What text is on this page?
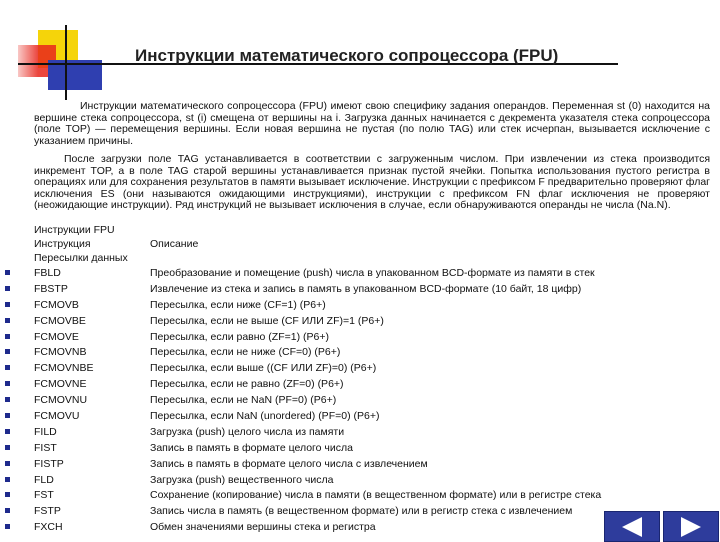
Инструкции математического сопроцессора (FPU)

Инструкции математического сопроцессора (FPU) имеют свою специфику задания операндов. Переменная st (0) находится на вершине стека сопроцессора, st (i) смещена от вершины на i. Загрузка данных начинается с декремента указателя стека сопроцессора (поле TOP) — перемещения вершины. Если новая вершина не пустая (по полю TAG) или стек исчерпан, вызывается исключение с указанием причины.

После загрузки поле TAG устанавливается в соответствии с загруженным числом. При извлечении из стека производится инкремент TOP, а в поле TAG старой вершины устанавливается признак пустой ячейки. Попытка использования пустого регистра в операциях или для сохранения результатов в памяти вызывает исключение. Инструкции с префиксом F предварительно проверяют флаг исключения ES (они называются ожидающими инструкциями), инструкции с префиксом FN флаг исключения не проверяют (неожидающие инструкции). Ряд инструкций не вызывает исключения в случае, если обнаруживаются операнды не числа (Na.N).

Инструкции FPU
Инструкция	Описание
Пересылки данных
FBLD	Преобразование и помещение (push) числа в упакованном BCD-формате из памяти в стек
FBSTP	Извлечение из стека и запись в память в упакованном BCD-формате (10 байт, 18 цифр)
FCMOVB	Пересылка, если ниже (CF=1) (P6+)
FCMOVBE	Пересылка, если не выше (CF ИЛИ ZF)=1 (P6+)
FCMOVE	Пересылка, если равно (ZF=1) (P6+)
FCMOVNB	Пересылка, если не ниже (CF=0) (P6+)
FCMOVNBE	Пересылка, если выше ((CF ИЛИ ZF)=0) (P6+)
FCMOVNE	Пересылка, если не равно (ZF=0) (P6+)
FCMOVNU	Пересылка, если не NaN (PF=0) (P6+)
FCMOVU	Пересылка, если NaN (unordered) (PF=0) (P6+)
FILD	Загрузка (push) целого числа из памяти
FIST	Запись в память в формате целого числа
FISTP	Запись в память в формате целого числа с извлечением
FLD	Загрузка (push) вещественного числа
FST	Сохранение (копирование) числа в памяти (в вещественном формате) или в регистре стека
FSTP	Запись числа в память (в вещественном формате) или в регистр стека с извлечением
FXCH	Обмен значениями вершины стека и регистра
